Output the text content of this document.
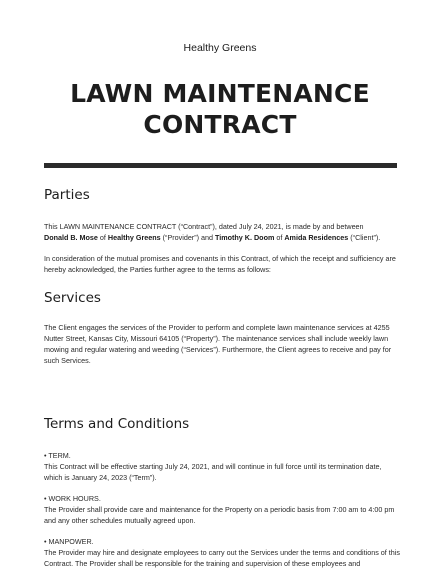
Healthy Greens
LAWN MAINTENANCE
CONTRACT
Parties

This LAWN MAINTENANCE CONTRACT (“Contract”), dated July 24, 2021, is made by and between
Donald B. Mose of Healthy Greens (“Provider”) and Timothy K. Doom of Amida Residences (“Client”).

In consideration of the mutual promises and covenants in this Contract, of which the receipt and sufficiency are hereby acknowledged, the Parties further agree to the terms as follows:

Services

The Client engages the services of the Provider to perform and complete lawn maintenance services at 4255 Nutter Street, Kansas City, Missouri 64105 (“Property”). The maintenance services shall include weekly lawn mowing and regular watering and weeding (“Services”). Furthermore, the Client agrees to receive and pay for such Services.

Terms and Conditions

• TERM.
This Contract will be effective starting July 24, 2021, and will continue in full force until its termination date, which is January 24, 2023 (“Term”).

• WORK HOURS.
The Provider shall provide care and maintenance for the Property on a periodic basis from 7:00 am to 4:00 pm and any other schedules mutually agreed upon.

• MANPOWER.
The Provider may hire and designate employees to carry out the Services under the terms and conditions of this Contract. The Provider shall be responsible for the training and supervision of these employees and
